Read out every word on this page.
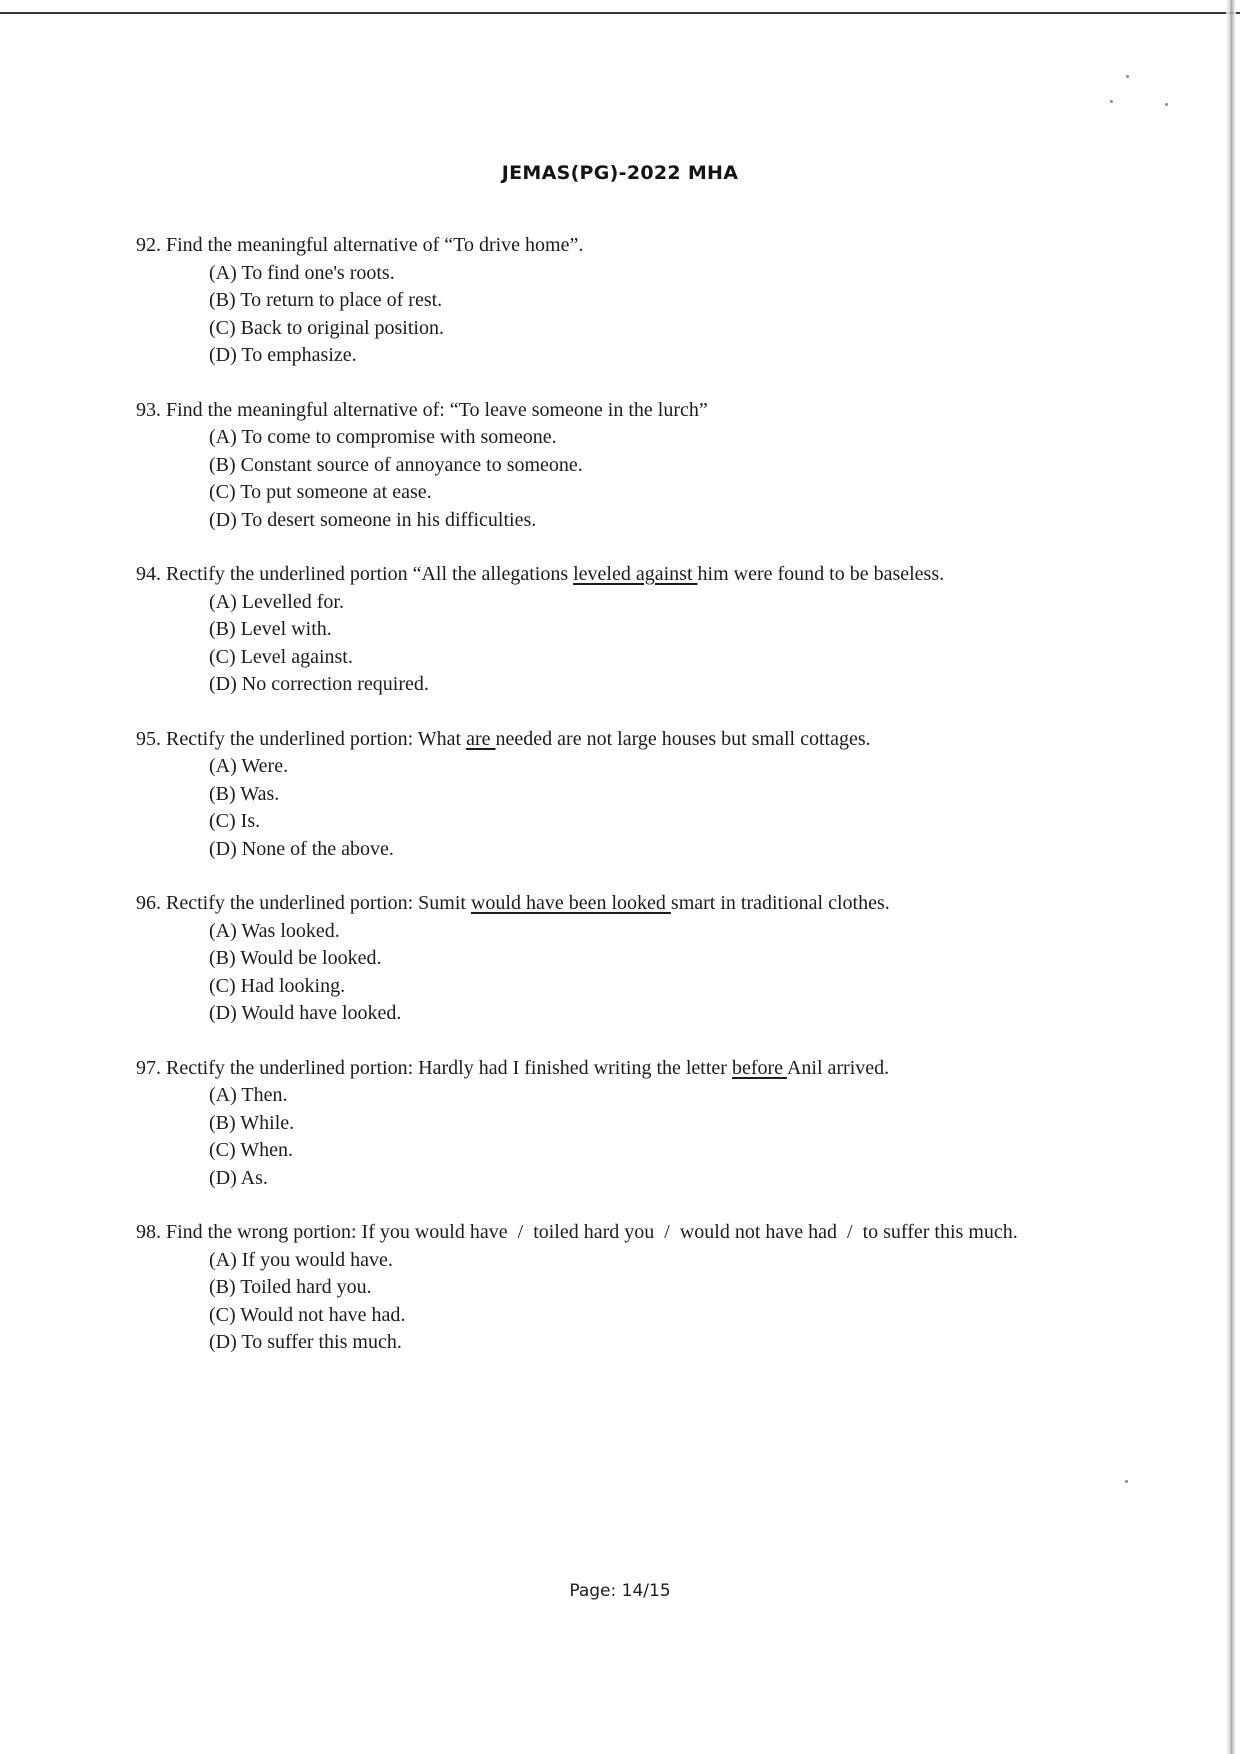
JEMAS(PG)-2022 MHA
92. Find the meaningful alternative of “To drive home”.
(A) To find one's roots.
(B) To return to place of rest.
(C) Back to original position.
(D) To emphasize.
93. Find the meaningful alternative of: “To leave someone in the lurch”
(A) To come to compromise with someone.
(B) Constant source of annoyance to someone.
(C) To put someone at ease.
(D) To desert someone in his difficulties.
94. Rectify the underlined portion “All the allegations leveled against him were found to be baseless.
(A) Levelled for.
(B) Level with.
(C) Level against.
(D) No correction required.
95. Rectify the underlined portion: What are needed are not large houses but small cottages.
(A) Were.
(B) Was.
(C) Is.
(D) None of the above.
96. Rectify the underlined portion: Sumit would have been looked smart in traditional clothes.
(A) Was looked.
(B) Would be looked.
(C) Had looking.
(D) Would have looked.
97. Rectify the underlined portion: Hardly had I finished writing the letter before Anil arrived.
(A) Then.
(B) While.
(C) When.
(D) As.
98. Find the wrong portion: If you would have / toiled hard you / would not have had / to suffer this much.
(A) If you would have.
(B) Toiled hard you.
(C) Would not have had.
(D) To suffer this much.
Page: 14/15
